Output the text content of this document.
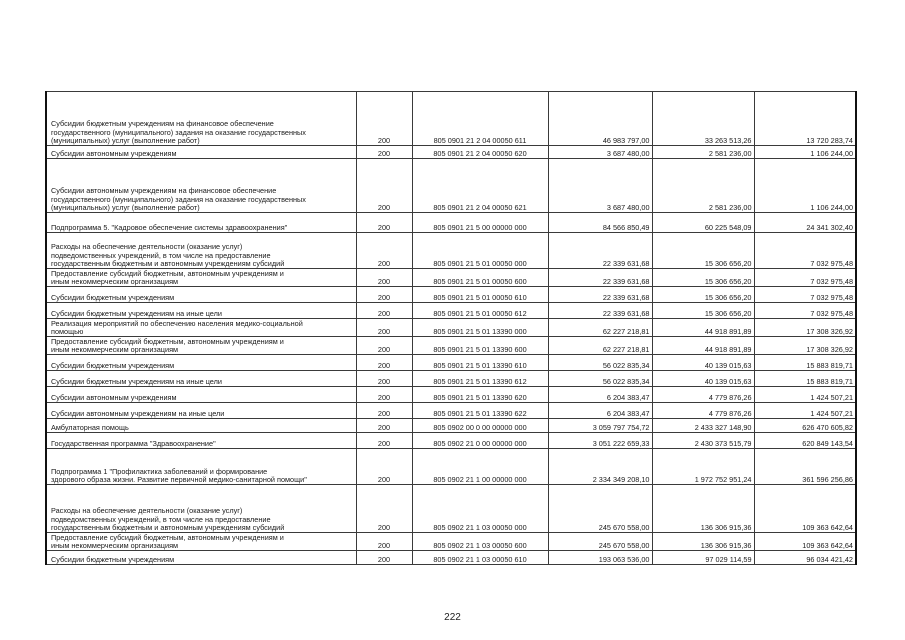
Субсидии бюджетным учреждениям на финансовое обеспечение
государственного (муниципального) задания на оказание государственных
(муниципальных) услуг (выполнение работ)	200	805 0901 21 2 04 00050 611	46 983 797,00	33 263 513,26	13 720 283,74
Субсидии автономным учреждениям	200	805 0901 21 2 04 00050 620	3 687 480,00	2 581 236,00	1 106 244,00
Субсидии автономным учреждениям на финансовое обеспечение
государственного (муниципального) задания на оказание государственных
(муниципальных) услуг (выполнение работ)	200	805 0901 21 2 04 00050 621	3 687 480,00	2 581 236,00	1 106 244,00
Подпрограмма 5. "Кадровое обеспечение системы здравоохранения"	200	805 0901 21 5 00 00000 000	84 566 850,49	60 225 548,09	24 341 302,40
Расходы на обеспечение деятельности (оказание услуг)
подведомственных учреждений, в том числе на предоставление
государственным бюджетным и автономным учреждениям субсидий	200	805 0901 21 5 01 00050 000	22 339 631,68	15 306 656,20	7 032 975,48
Предоставление субсидий бюджетным, автономным учреждениям и
иным некоммерческим организациям	200	805 0901 21 5 01 00050 600	22 339 631,68	15 306 656,20	7 032 975,48
Субсидии бюджетным учреждениям	200	805 0901 21 5 01 00050 610	22 339 631,68	15 306 656,20	7 032 975,48
Субсидии бюджетным учреждениям на иные цели	200	805 0901 21 5 01 00050 612	22 339 631,68	15 306 656,20	7 032 975,48
Реализация мероприятий по обеспечению населения медико-социальной
помощью	200	805 0901 21 5 01 13390 000	62 227 218,81	44 918 891,89	17 308 326,92
Предоставление субсидий бюджетным, автономным учреждениям и
иным некоммерческим организациям	200	805 0901 21 5 01 13390 600	62 227 218,81	44 918 891,89	17 308 326,92
Субсидии бюджетным учреждениям	200	805 0901 21 5 01 13390 610	56 022 835,34	40 139 015,63	15 883 819,71
Субсидии бюджетным учреждениям на иные цели	200	805 0901 21 5 01 13390 612	56 022 835,34	40 139 015,63	15 883 819,71
Субсидии автономным учреждениям	200	805 0901 21 5 01 13390 620	6 204 383,47	4 779 876,26	1 424 507,21
Субсидии автономным учреждениям на иные цели	200	805 0901 21 5 01 13390 622	6 204 383,47	4 779 876,26	1 424 507,21
Амбулаторная помощь	200	805 0902 00 0 00 00000 000	3 059 797 754,72	2 433 327 148,90	626 470 605,82
Государственная программа "Здравоохранение"	200	805 0902 21 0 00 00000 000	3 051 222 659,33	2 430 373 515,79	620 849 143,54
Подпрограмма 1 "Профилактика заболеваний и формирование
здорового образа жизни. Развитие первичной медико-санитарной помощи"	200	805 0902 21 1 00 00000 000	2 334 349 208,10	1 972 752 951,24	361 596 256,86
Расходы на обеспечение деятельности (оказание услуг)
подведомственных учреждений, в том числе на предоставление
государственным бюджетным и автономным учреждениям субсидий	200	805 0902 21 1 03 00050 000	245 670 558,00	136 306 915,36	109 363 642,64
Предоставление субсидий бюджетным, автономным учреждениям и
иным некоммерческим организациям	200	805 0902 21 1 03 00050 600	245 670 558,00	136 306 915,36	109 363 642,64
Субсидии бюджетным учреждениям	200	805 0902 21 1 03 00050 610	193 063 536,00	97 029 114,59	96 034 421,42
222
